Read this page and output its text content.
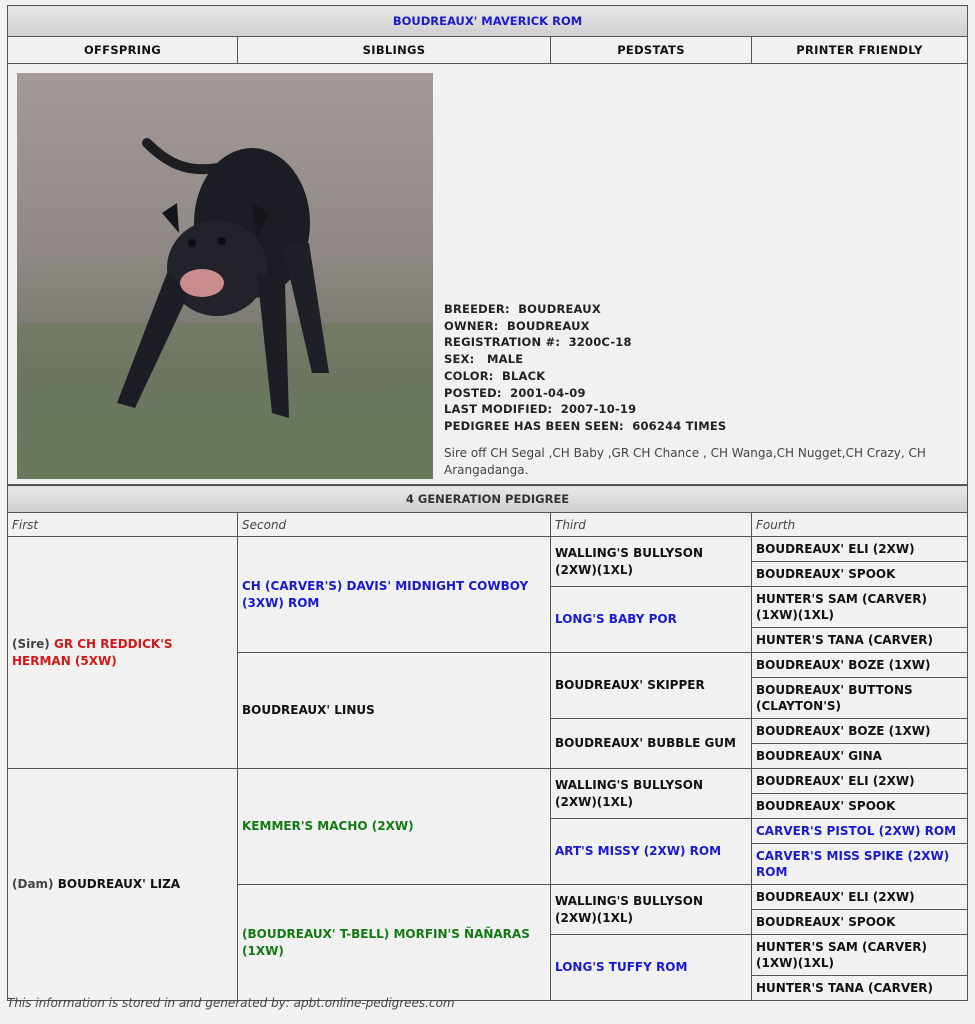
BOUDREAUX' MAVERICK ROM
OFFSPRING	SIBLINGS	PEDSTATS	PRINTER FRIENDLY

BREEDER: BOUDREAUX
OWNER: BOUDREAUX
REGISTRATION #: 3200C-18
SEX: MALE
COLOR: BLACK
POSTED: 2001-04-09
LAST MODIFIED: 2007-10-19
PEDIGREE HAS BEEN SEEN: 606244 TIMES
Sire off CH Segal ,CH Baby ,GR CH Chance , CH Wanga,CH Nugget,CH Crazy, CH Arangadanga.
4 GENERATION PEDIGREE			
First	Second	Third	Fourth
(Sire) GR CH REDDICK'S HERMAN (5XW)	CH (CARVER'S) DAVIS' MIDNIGHT COWBOY (3XW) ROM	WALLING'S BULLYSON (2XW)(1XL)	BOUDREAUX' ELI (2XW)
			BOUDREAUX' SPOOK
		LONG'S BABY POR	HUNTER'S SAM (CARVER) (1XW)(1XL)
			HUNTER'S TANA (CARVER)
	BOUDREAUX' LINUS	BOUDREAUX' SKIPPER	BOUDREAUX' BOZE (1XW)
			BOUDREAUX' BUTTONS (CLAYTON'S)
		BOUDREAUX' BUBBLE GUM	BOUDREAUX' BOZE (1XW)
			BOUDREAUX' GINA
(Dam) BOUDREAUX' LIZA	KEMMER'S MACHO (2XW)	WALLING'S BULLYSON (2XW)(1XL)	BOUDREAUX' ELI (2XW)
			BOUDREAUX' SPOOK
		ART'S MISSY (2XW) ROM	CARVER'S PISTOL (2XW) ROM
			CARVER'S MISS SPIKE (2XW) ROM
	(BOUDREAUX' T-BELL) MORFIN'S ÑAÑARAS (1XW)	WALLING'S BULLYSON (2XW)(1XL)	BOUDREAUX' ELI (2XW)
			BOUDREAUX' SPOOK
		LONG'S TUFFY ROM	HUNTER'S SAM (CARVER) (1XW)(1XL)
			HUNTER'S TANA (CARVER)
This information is stored in and generated by: apbt.online-pedigrees.com
